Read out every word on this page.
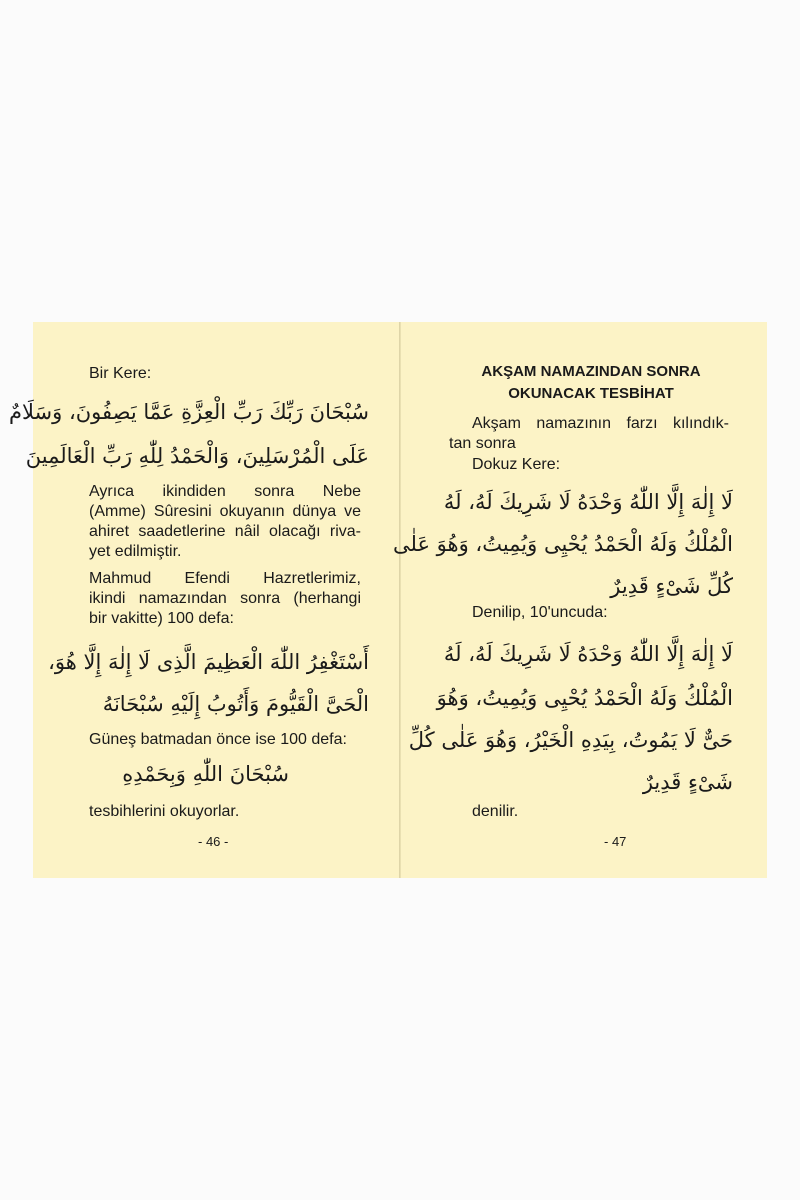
Bir Kere:

سُبْحَانَ رَبِّكَ رَبِّ الْعِزَّةِ عَمَّا يَصِفُونَ، وَسَلَامٌ

عَلَى الْمُرْسَلِينَ، وَالْحَمْدُ لِلّٰهِ رَبِّ الْعَالَمِينَ

Ayrıca ikindiden sonra Nebe

(Amme) Sûresini okuyanın dünya ve

ahiret saadetlerine nâil olacağı riva-

yet edilmiştir.

Mahmud Efendi Hazretlerimiz,

ikindi namazından sonra (herhangi

bir vakitte) 100 defa:

أَسْتَغْفِرُ اللّٰهَ الْعَظِيمَ الَّذِى لَا إِلٰهَ إِلَّا هُوَ،

الْحَىَّ الْقَيُّومَ وَأَتُوبُ إِلَيْهِ سُبْحَانَهُ

Güneş batmadan önce ise 100 defa:

سُبْحَانَ اللّٰهِ وَبِحَمْدِهِ

tesbihlerini okuyorlar.

- 46 -

AKŞAM NAMAZINDAN SONRA

OKUNACAK TESBİHAT

Akşam namazının farzı kılındık-

tan sonra

Dokuz Kere:

لَا إِلٰهَ إِلَّا اللّٰهُ وَحْدَهُ لَا شَرِيكَ لَهُ، لَهُ

الْمُلْكُ وَلَهُ الْحَمْدُ يُحْيِى وَيُمِيتُ، وَهُوَ عَلٰى

كُلِّ شَىْءٍ قَدِيرٌ

Denilip, 10'uncuda:

لَا إِلٰهَ إِلَّا اللّٰهُ وَحْدَهُ لَا شَرِيكَ لَهُ، لَهُ

الْمُلْكُ وَلَهُ الْحَمْدُ يُحْيِى وَيُمِيتُ، وَهُوَ

حَىٌّ لَا يَمُوتُ، بِيَدِهِ الْخَيْرُ، وَهُوَ عَلٰى كُلِّ

شَىْءٍ قَدِيرٌ

denilir.

- 47
